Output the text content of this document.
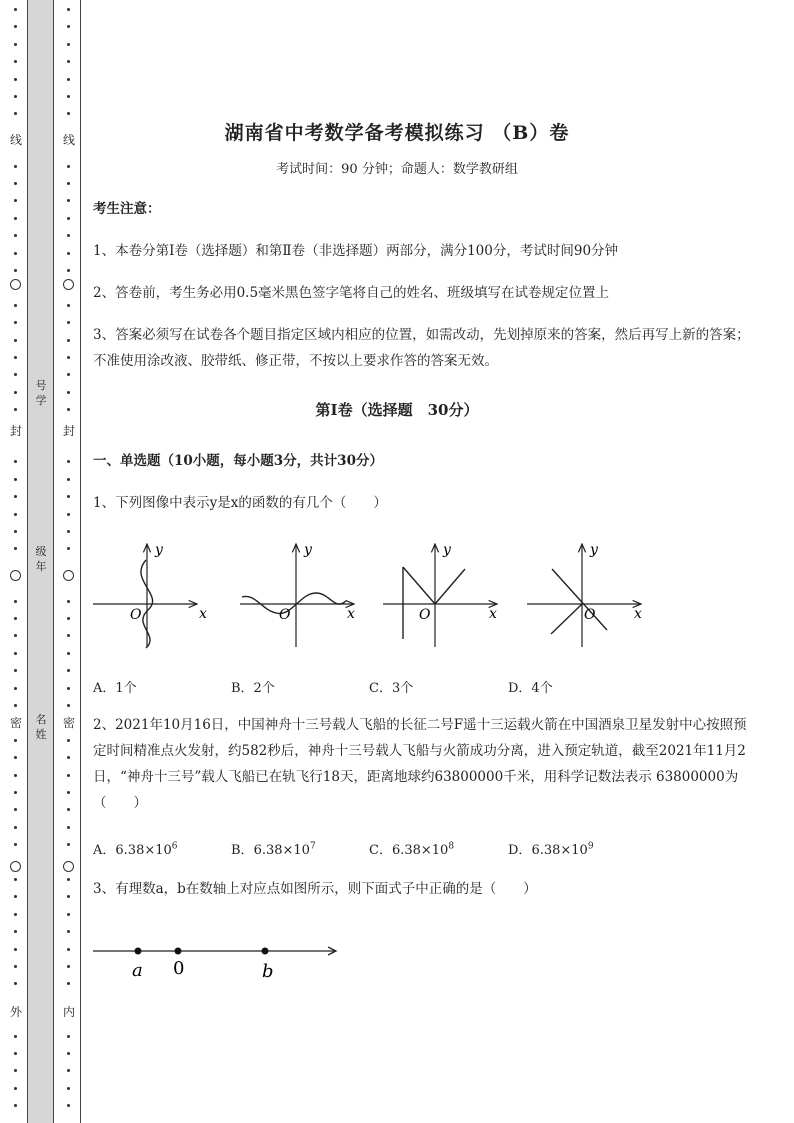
线
封
密
外
线
封
密
内
号学
级年
名姓
湖南省中考数学备考模拟练习 （B）卷
考试时间：90 分钟；命题人：数学教研组
考生注意：
1、本卷分第Ⅰ卷（选择题）和第Ⅱ卷（非选择题）两部分，满分100分，考试时间90分钟
2、答卷前，考生务必用0.5毫米黑色签字笔将自己的姓名、班级填写在试卷规定位置上
3、答案必须写在试卷各个题目指定区域内相应的位置，如需改动，先划掉原来的答案，然后再写上新的答案；不准使用涂改液、胶带纸、修正带，不按以上要求作答的答案无效。
第Ⅰ卷（选择题　30分）
一、单选题（10小题，每小题3分，共计30分）
1、下列图像中表示y是x的函数的有几个（　　）
y
x
O
y
x
O
y
x
O
y
x
O
A．1个	B．2个	C．3个	D．4个
2、2021年10月16日，中国神舟十三号载人飞船的长征二号F遥十三运载火箭在中国酒泉卫星发射中心按照预定时间精准点火发射，约582秒后，神舟十三号载人飞船与火箭成功分离，进入预定轨道，截至2021年11月2日，“神舟十三号”载人飞船已在轨飞行18天，距离地球约63800000千米，用科学记数法表示 63800000为（　　）
A．$6.38\times 10^6$	B．$6.38\times 10^7$	C．$6.38\times 10^8$	D．$6.38\times 10^9$
3、有理数a，b在数轴上对应点如图所示，则下面式子中正确的是（　　）
a 0	b
